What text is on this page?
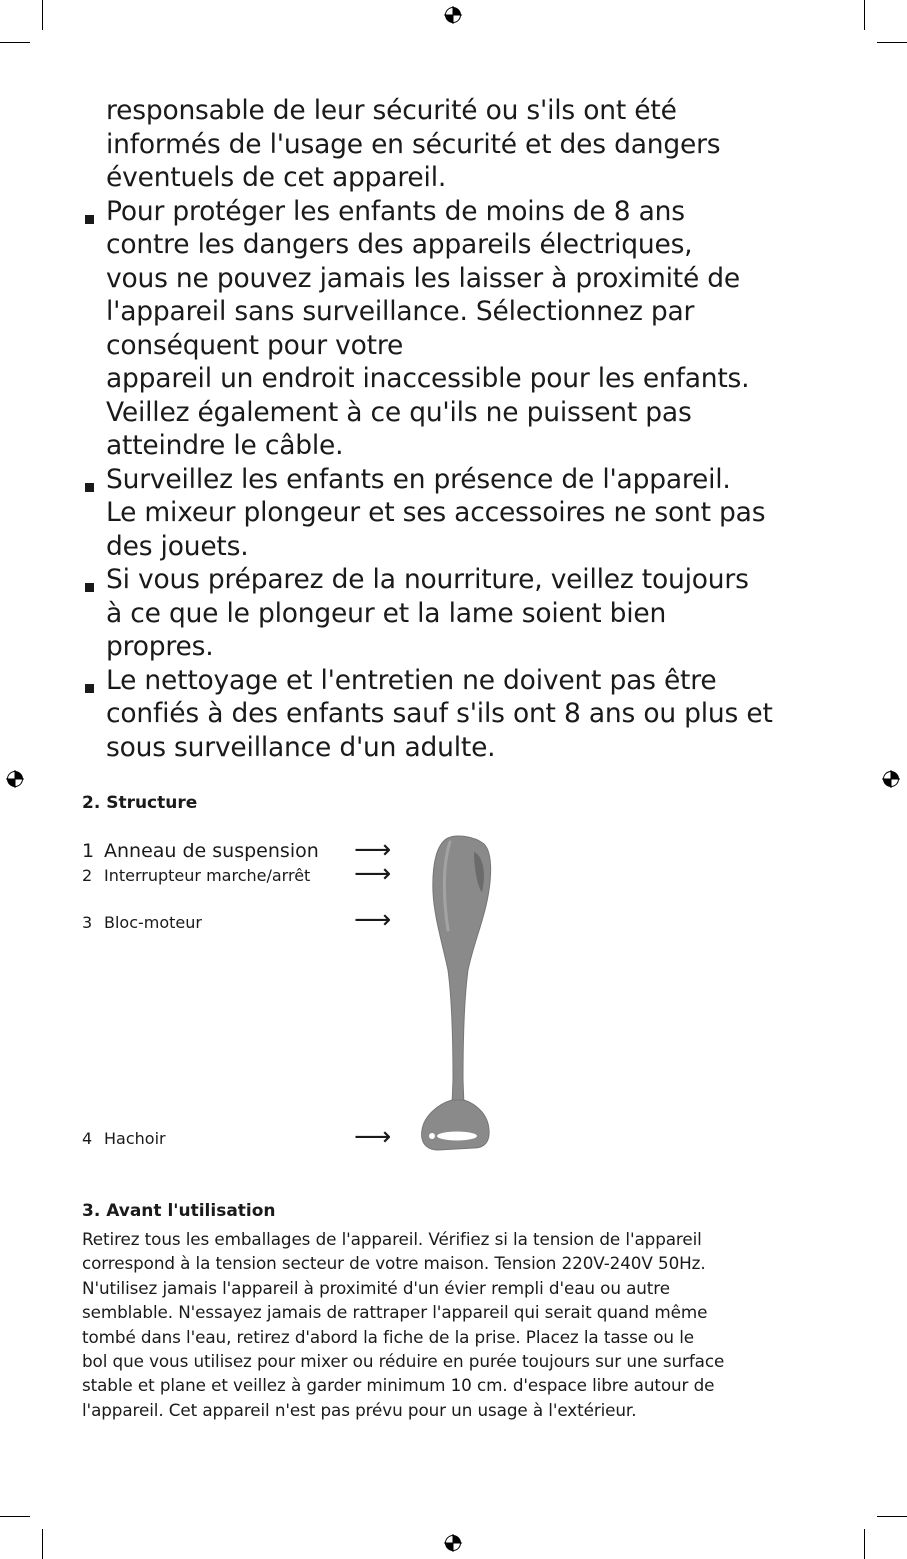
responsable de leur sécurité ou s'ils ont été
informés de l'usage en sécurité et des dangers
éventuels de cet appareil.
Pour protéger les enfants de moins de 8 ans
contre les dangers des appareils électriques,
vous ne pouvez jamais les laisser à proximité de
l'appareil sans surveillance. Sélectionnez par
conséquent pour votre
appareil un endroit inaccessible pour les enfants.
Veillez également à ce qu'ils ne puissent pas
atteindre le câble.
Surveillez les enfants en présence de l'appareil.
Le mixeur plongeur et ses accessoires ne sont pas
des jouets.
Si vous préparez de la nourriture, veillez toujours
à ce que le plongeur et la lame soient bien
propres.
Le nettoyage et l'entretien ne doivent pas être
confiés à des enfants sauf s'ils ont 8 ans ou plus et
sous surveillance d'un adulte.
2. Structure
1 Anneau de suspension ⟶
2 Interrupteur marche/arrêt ⟶
3 Bloc-moteur	⟶
4 Hachoir	⟶
3. Avant l'utilisation
Retirez tous les emballages de l'appareil. Vérifiez si la tension de l'appareil
correspond à la tension secteur de votre maison. Tension 220V-240V 50Hz.
N'utilisez jamais l'appareil à proximité d'un évier rempli d'eau ou autre
semblable. N'essayez jamais de rattraper l'appareil qui serait quand même
tombé dans l'eau, retirez d'abord la fiche de la prise. Placez la tasse ou le
bol que vous utilisez pour mixer ou réduire en purée toujours sur une surface
stable et plane et veillez à garder minimum 10 cm. d'espace libre autour de
l'appareil. Cet appareil n'est pas prévu pour un usage à l'extérieur.
